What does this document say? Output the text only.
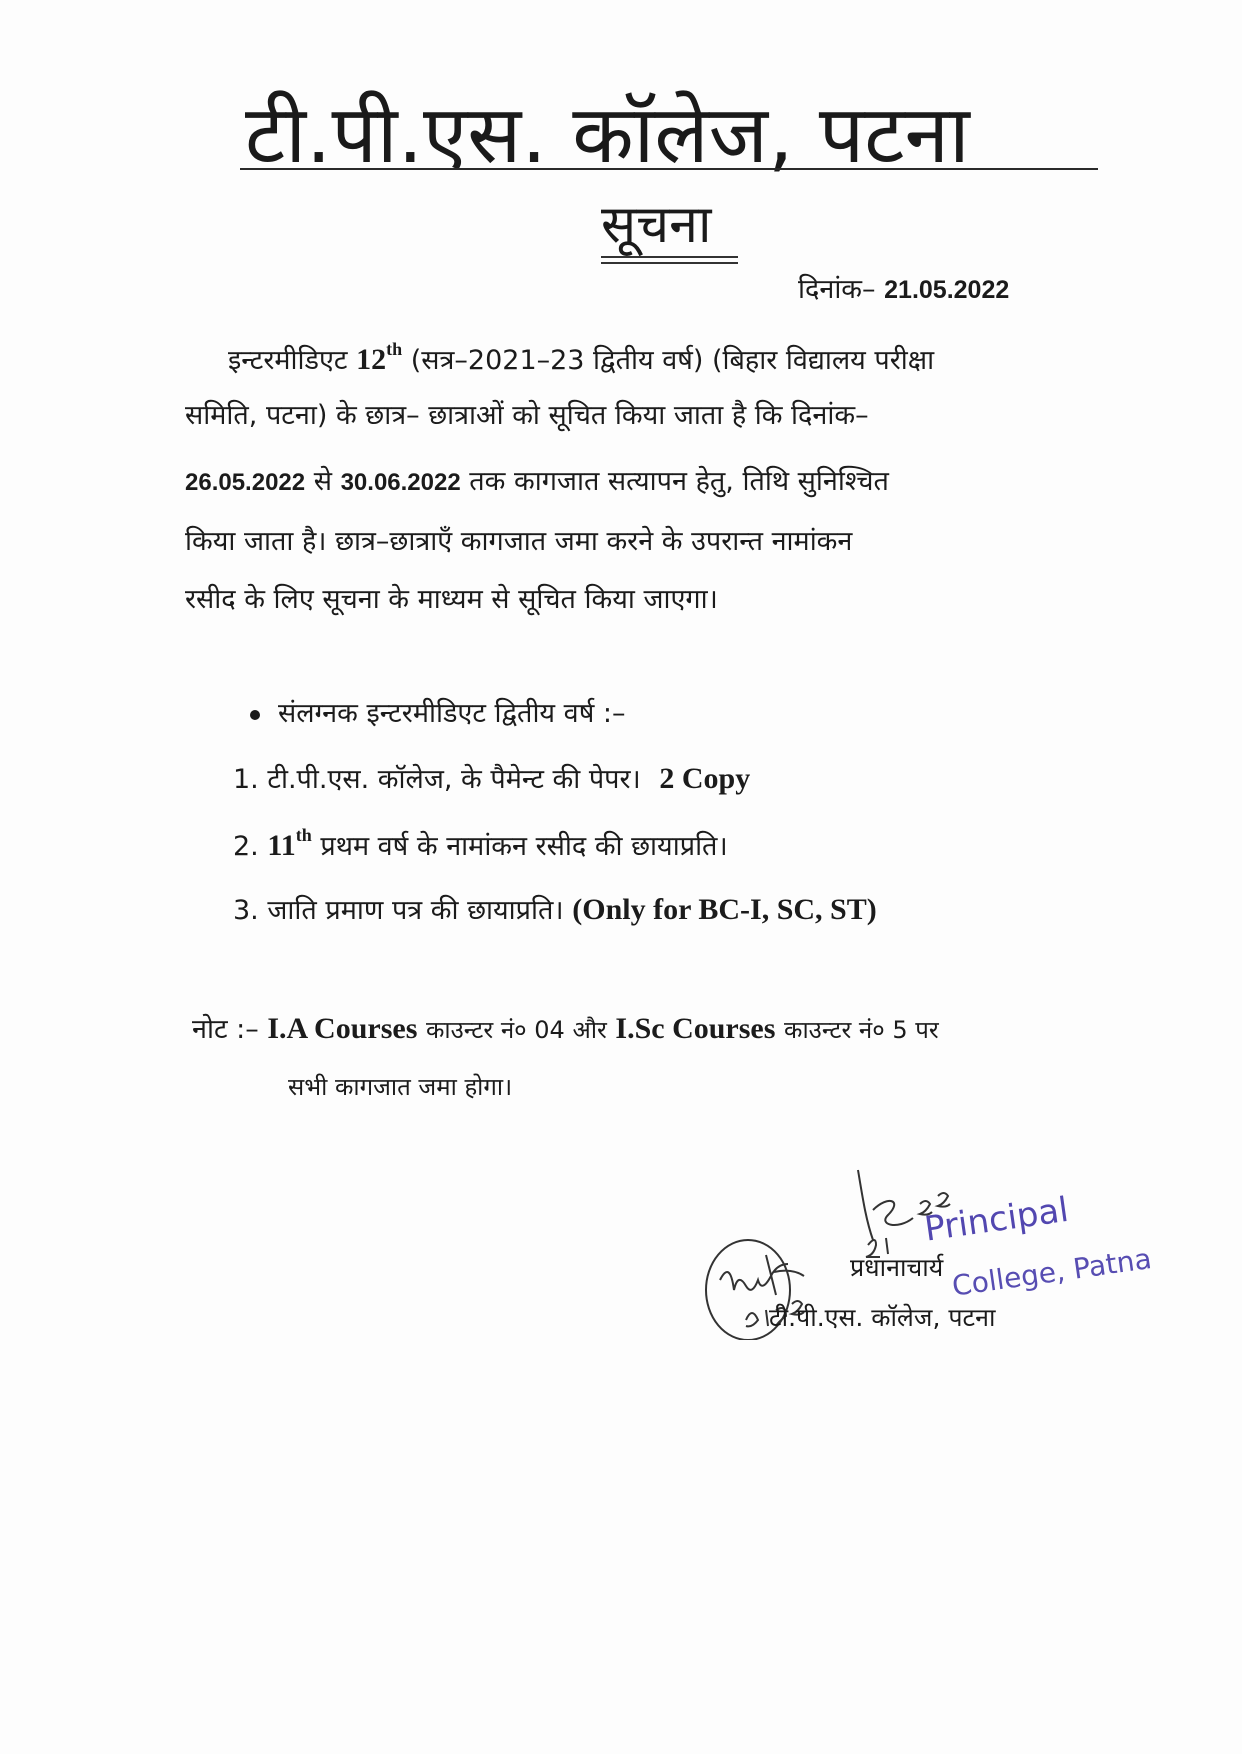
टी.पी.एस. कॉलेज, पटना
सूचना
दिनांक– 21.05.2022
इन्टरमीडिएट 12th (सत्र–2021–23 द्वितीय वर्ष) (बिहार विद्यालय परीक्षा
समिति, पटना) के छात्र– छात्राओं को सूचित किया जाता है कि दिनांक–
26.05.2022 से 30.06.2022 तक कागजात सत्यापन हेतु, तिथि सुनिश्चित
किया जाता है। छात्र–छात्राएँ कागजात जमा करने के उपरान्त नामांकन
रसीद के लिए सूचना के माध्यम से सूचित किया जाएगा।
संलग्नक इन्टरमीडिएट द्वितीय वर्ष :–
1. टी.पी.एस. कॉलेज, के पैमेन्ट की पेपर। 2 Copy
2. 11th प्रथम वर्ष के नामांकन रसीद की छायाप्रति।
3. जाति प्रमाण पत्र की छायाप्रति। (Only for BC-I, SC, ST)
नोट :– I.A Courses काउन्टर नं० 04 और I.Sc Courses काउन्टर नं० 5 पर
सभी कागजात जमा होगा।
प्रधानाचार्य
टी.पी.एस. कॉलेज, पटना
Principal
College, Patna
